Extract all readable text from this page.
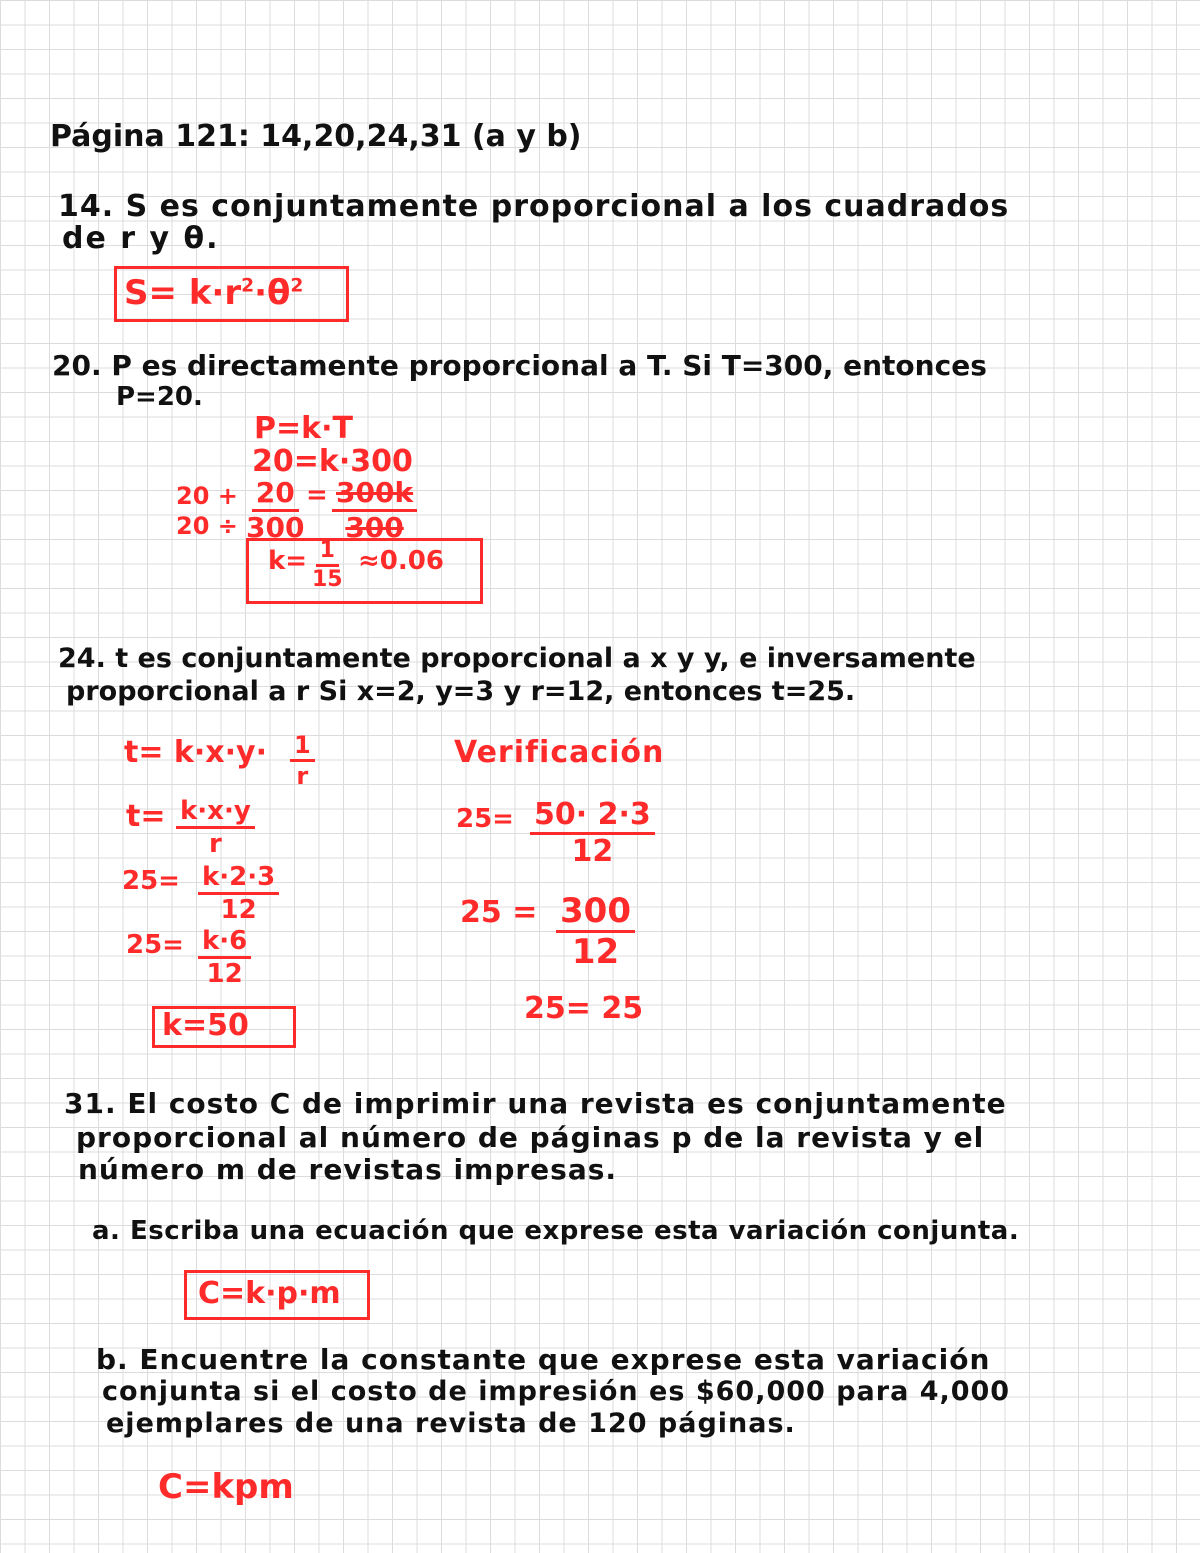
Página 121: 14,20,24,31 (a y b)
14. S es conjuntamente proporcional a los cuadrados
de r y θ.
$S= k\cdot r^2\cdot\theta^2$
20. P es directamente proporcional a T. Si T=300, entonces
P=20.
P=k·T
20=k·300
20 +
$20 \div \frac{20}{300} = \frac{300k}{300}$
$k= \frac{1}{15} \approx 0.06$
24. t es conjuntamente proporcional a x y y, e inversamente
proporcional a r Si x=2, y=3 y r=12, entonces t=25.
$t= k\cdot x\cdot y\cdot \frac{1}{r}$
$t= \frac{k\cdot x\cdot y}{r}$
$25= \frac{k\cdot 2\cdot 3}{12}$
$25= \frac{k\cdot 6}{12}$
k=50
Verificación
$25= \frac{50\cdot 2\cdot 3}{12}$
$25 = \frac{300}{12}$
25= 25
31. El costo C de imprimir una revista es conjuntamente
proporcional al número de páginas p de la revista y el
número m de revistas impresas.
a. Escriba una ecuación que exprese esta variación conjunta.
C=k·p·m
b. Encuentre la constante que exprese esta variación
conjunta si el costo de impresión es $60,000 para 4,000
ejemplares de una revista de 120 páginas.
C=kpm
